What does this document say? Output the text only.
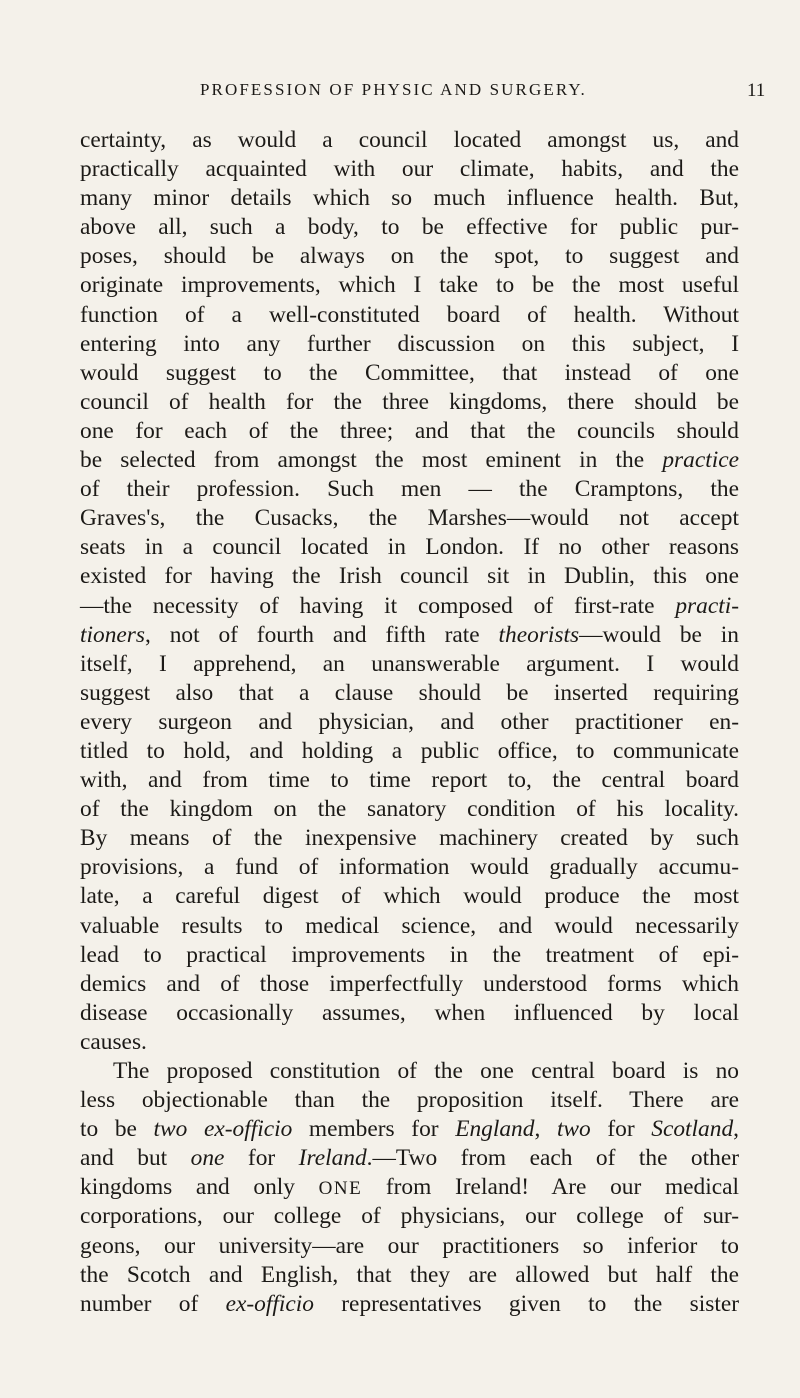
PROFESSION OF PHYSIC AND SURGERY.	11
certainty, as would a council located amongst us, and
practically acquainted with our climate, habits, and the
many minor details which so much influence health. But,
above all, such a body, to be effective for public pur-
poses, should be always on the spot, to suggest and
originate improvements, which I take to be the most useful
function of a well-constituted board of health. Without
entering into any further discussion on this subject, I
would suggest to the Committee, that instead of one
council of health for the three kingdoms, there should be
one for each of the three; and that the councils should
be selected from amongst the most eminent in the practice
of their profession. Such men — the Cramptons, the
Graves's, the Cusacks, the Marshes—would not accept
seats in a council located in London. If no other reasons
existed for having the Irish council sit in Dublin, this one
—the necessity of having it composed of first-rate practi-
tioners, not of fourth and fifth rate theorists—would be in
itself, I apprehend, an unanswerable argument. I would
suggest also that a clause should be inserted requiring
every surgeon and physician, and other practitioner en-
titled to hold, and holding a public office, to communicate
with, and from time to time report to, the central board
of the kingdom on the sanatory condition of his locality.
By means of the inexpensive machinery created by such
provisions, a fund of information would gradually accumu-
late, a careful digest of which would produce the most
valuable results to medical science, and would necessarily
lead to practical improvements in the treatment of epi-
demics and of those imperfectfully understood forms which
disease occasionally assumes, when influenced by local
causes.
The proposed constitution of the one central board is no
less objectionable than the proposition itself. There are
to be two ex-officio members for England, two for Scotland,
and but one for Ireland.—Two from each of the other
kingdoms and only ONE from Ireland! Are our medical
corporations, our college of physicians, our college of sur-
geons, our university—are our practitioners so inferior to
the Scotch and English, that they are allowed but half the
number of ex-officio representatives given to the sister
